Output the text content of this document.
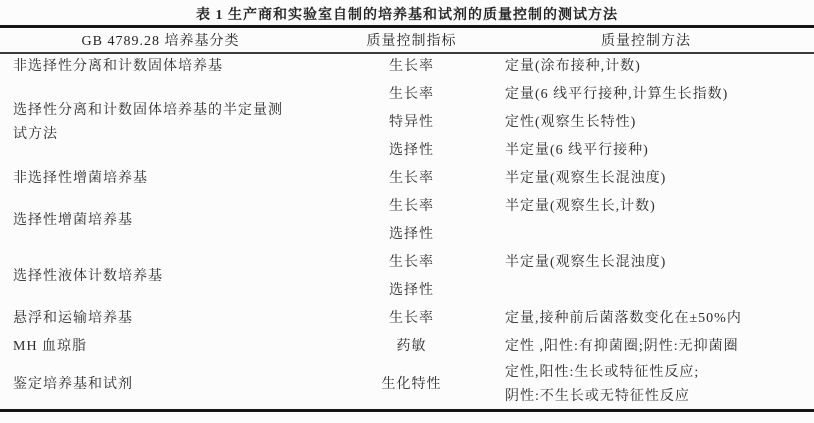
表 1 生产商和实验室自制的培养基和试剂的质量控制的测试方法
GB 4789.28 培养基分类	质量控制指标	质量控制方法
非选择性分离和计数固体培养基	生长率	定量(涂布接种,计数)
选择性分离和计数固体培养基的半定量测试方法	生长率	定量(6 线平行接种,计算生长指数)
	特异性	定性(观察生长特性)
	选择性	半定量(6 线平行接种)
非选择性增菌培养基	生长率	半定量(观察生长混浊度)
选择性增菌培养基	生长率	半定量(观察生长,计数)
	选择性	
选择性液体计数培养基	生长率	半定量(观察生长混浊度)
	选择性	
悬浮和运输培养基	生长率	定量,接种前后菌落数变化在±50%内
MH 血琼脂	药敏	定性 ,阳性:有抑菌圈;阴性:无抑菌圈
鉴定培养基和试剂	生化特性	定性,阳性:生长或特征性反应;
阴性:不生长或无特征性反应
